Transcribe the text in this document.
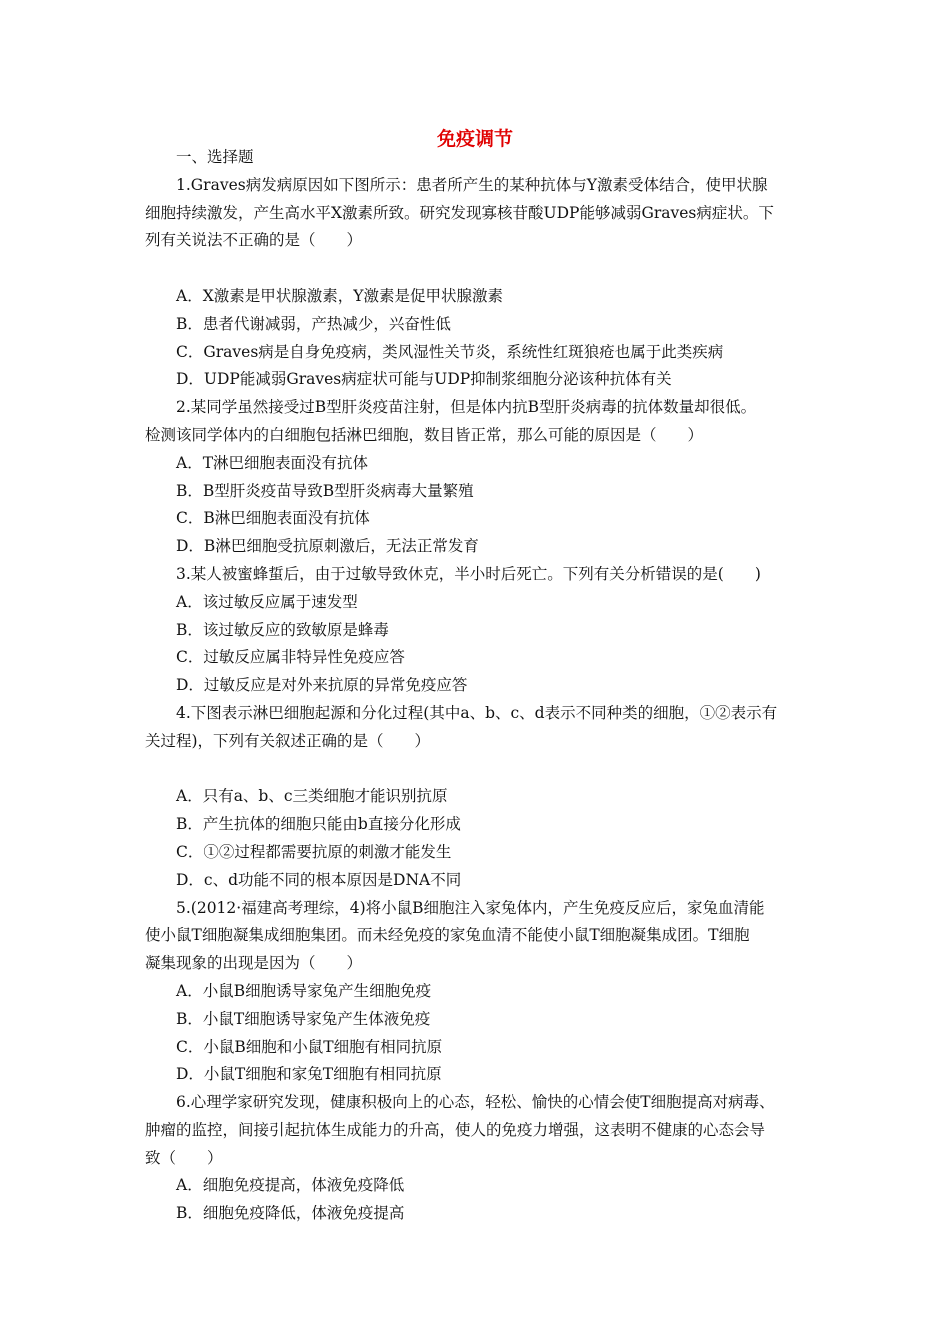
免疫调节
一、选择题
1.Graves病发病原因如下图所示：患者所产生的某种抗体与Y激素受体结合，使甲状腺
细胞持续激发，产生高水平X激素所致。研究发现寡核苷酸UDP能够减弱Graves病症状。下
列有关说法不正确的是（　　）
A．X激素是甲状腺激素，Y激素是促甲状腺激素
B．患者代谢减弱，产热减少，兴奋性低
C．Graves病是自身免疫病，类风湿性关节炎，系统性红斑狼疮也属于此类疾病
D．UDP能减弱Graves病症状可能与UDP抑制浆细胞分泌该种抗体有关
2.某同学虽然接受过B型肝炎疫苗注射，但是体内抗B型肝炎病毒的抗体数量却很低。
检测该同学体内的白细胞包括淋巴细胞，数目皆正常，那么可能的原因是（　　）
A．T淋巴细胞表面没有抗体
B．B型肝炎疫苗导致B型肝炎病毒大量繁殖
C．B淋巴细胞表面没有抗体
D．B淋巴细胞受抗原刺激后，无法正常发育
3.某人被蜜蜂蜇后，由于过敏导致休克，半小时后死亡。下列有关分析错误的是(　　)
A．该过敏反应属于速发型
B．该过敏反应的致敏原是蜂毒
C．过敏反应属非特异性免疫应答
D．过敏反应是对外来抗原的异常免疫应答
4.下图表示淋巴细胞起源和分化过程(其中a、b、c、d表示不同种类的细胞，①②表示有
关过程)，下列有关叙述正确的是（　　）
A．只有a、b、c三类细胞才能识别抗原
B．产生抗体的细胞只能由b直接分化形成
C．①②过程都需要抗原的刺激才能发生
D．c、d功能不同的根本原因是DNA不同
5.(2012·福建高考理综，4)将小鼠B细胞注入家兔体内，产生免疫反应后，家兔血清能
使小鼠T细胞凝集成细胞集团。而未经免疫的家兔血清不能使小鼠T细胞凝集成团。T细胞
凝集现象的出现是因为（　　）
A．小鼠B细胞诱导家兔产生细胞免疫
B．小鼠T细胞诱导家兔产生体液免疫
C．小鼠B细胞和小鼠T细胞有相同抗原
D．小鼠T细胞和家兔T细胞有相同抗原
6.心理学家研究发现，健康积极向上的心态，轻松、愉快的心情会使T细胞提高对病毒、
肿瘤的监控，间接引起抗体生成能力的升高，使人的免疫力增强，这表明不健康的心态会导
致（　　）
A．细胞免疫提高，体液免疫降低
B．细胞免疫降低，体液免疫提高
